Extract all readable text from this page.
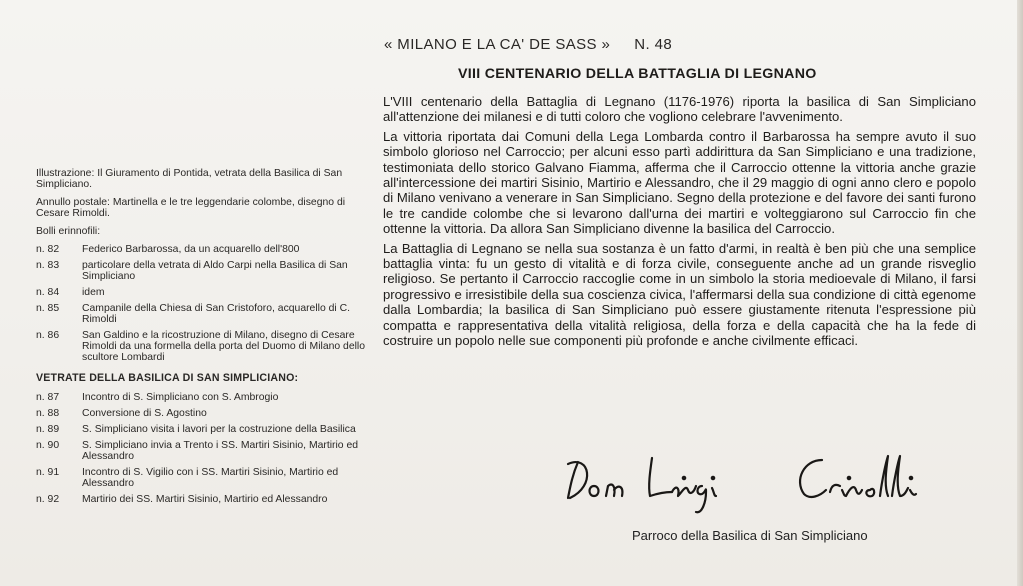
Illustrazione: Il Giuramento di Pontida, vetrata della Basilica di San Simpliciano.

Annullo postale: Martinella e le tre leggendarie colombe, disegno di Cesare Rimoldi.

Bolli erinnofili:

n. 82	Federico Barbarossa, da un acquarello dell'800
n. 83	particolare della vetrata di Aldo Carpi nella Basilica di San Simpliciano
n. 84	idem
n. 85	Campanile della Chiesa di San Cristoforo, acquarello di C. Rimoldi
n. 86	San Galdino e la ricostruzione di Milano, disegno di Cesare Rimoldi da una formella della porta del Duomo di Milano dello scultore Lombardi
VETRATE DELLA BASILICA DI SAN SIMPLICIANO:
n. 87	Incontro di S. Simpliciano con S. Ambrogio
n. 88	Conversione di S. Agostino
n. 89	S. Simpliciano visita i lavori per la costruzione della Basilica
n. 90	S. Simpliciano invia a Trento i SS. Martiri Sisinio, Martirio ed Alessandro
n. 91	Incontro di S. Vigilio con i SS. Martiri Sisinio, Martirio ed Alessandro
n. 92	Martirio dei SS. Martiri Sisinio, Martirio ed Alessandro
« MILANO E LA CA' DE SASS » N. 48
VIII CENTENARIO DELLA BATTAGLIA DI LEGNANO

L'VIII centenario della Battaglia di Legnano (1176-1976) riporta la basilica di San Simpliciano all'attenzione dei milanesi e di tutti coloro che vogliono celebrare l'avvenimento.

La vittoria riportata dai Comuni della Lega Lombarda contro il Barbarossa ha sempre avuto il suo simbolo glorioso nel Carroccio; per alcuni esso partì addirittura da San Simpliciano e una tradizione, testimoniata dello storico Galvano Fiamma, afferma che il Carroccio ottenne la vittoria anche grazie all'intercessione dei martiri Sisinio, Martirio e Alessandro, che il 29 maggio di ogni anno clero e popolo di Milano venivano a venerare in San Simpliciano. Segno della protezione e del favore dei santi furono le tre candide colombe che si levarono dall'urna dei martiri e volteggiarono sul Carroccio fin che ottenne la vittoria. Da allora San Simpliciano divenne la basilica del Carroccio.

La Battaglia di Legnano se nella sua sostanza è un fatto d'armi, in realtà è ben più che una semplice battaglia vinta: fu un gesto di vitalità e di forza civile, conseguente anche ad un grande risveglio religioso. Se pertanto il Carroccio raccoglie come in un simbolo la storia medioevale di Milano, il farsi progressivo e irresistibile della sua coscienza civica, l'affermarsi della sua condizione di città egenome dalla Lombardia; la basilica di San Simpliciano può essere giustamente ritenuta l'espressione più compatta e rappresentativa della vitalità religiosa, della forza e della capacità che ha la fede di costruire un popolo nelle sue componenti più profonde e anche civilmente efficaci.

Parroco della Basilica di San Simpliciano
